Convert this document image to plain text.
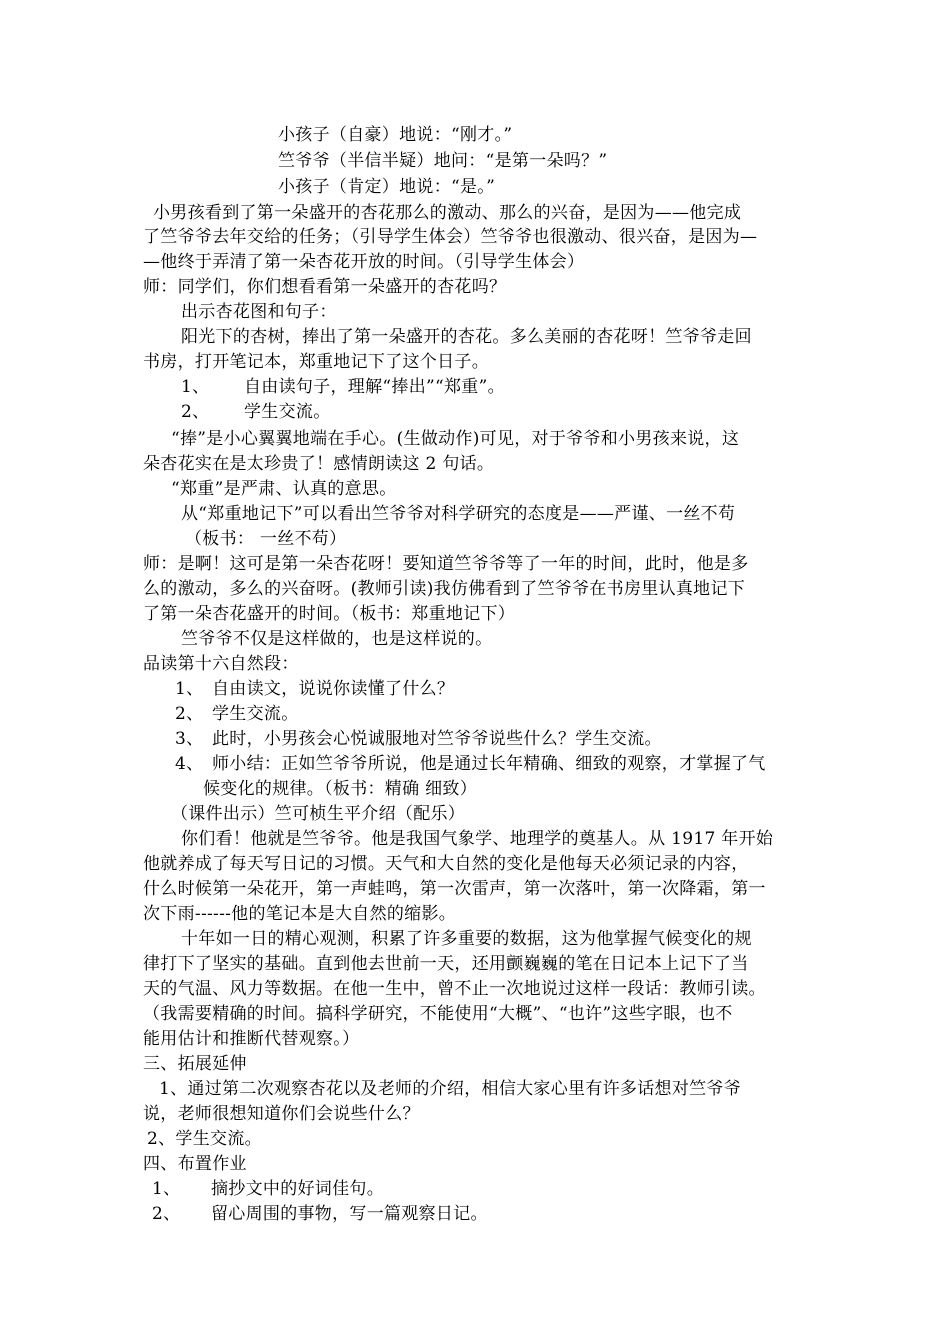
小孩子（自豪）地说：“刚才。”
竺爷爷（半信半疑）地问：“是第一朵吗？”
小孩子（肯定）地说：“是。”
小男孩看到了第一朵盛开的杏花那么的激动、那么的兴奋，是因为——他完成
了竺爷爷去年交给的任务；（引导学生体会）竺爷爷也很激动、很兴奋，是因为—
—他终于弄清了第一朵杏花开放的时间。（引导学生体会）
师：同学们，你们想看看第一朵盛开的杏花吗？
出示杏花图和句子：
阳光下的杏树，捧出了第一朵盛开的杏花。多么美丽的杏花呀！竺爷爷走回
书房，打开笔记本，郑重地记下了这个日子。
1、 自由读句子，理解“捧出”“郑重”。
2、 学生交流。
“捧”是小心翼翼地端在手心。(生做动作)可见，对于爷爷和小男孩来说，这
朵杏花实在是太珍贵了！感情朗读这 2 句话。
“郑重”是严肃、认真的意思。
从“郑重地记下”可以看出竺爷爷对科学研究的态度是——严谨、一丝不苟
（板书： 一丝不苟）
师：是啊！这可是第一朵杏花呀！要知道竺爷爷等了一年的时间，此时，他是多
么的激动，多么的兴奋呀。(教师引读)我仿佛看到了竺爷爷在书房里认真地记下
了第一朵杏花盛开的时间。（板书：郑重地记下）
竺爷爷不仅是这样做的，也是这样说的。
品读第十六自然段：
1、 自由读文，说说你读懂了什么？
2、 学生交流。
3、 此时，小男孩会心悦诚服地对竺爷爷说些什么？学生交流。
4、 师小结：正如竺爷爷所说，他是通过长年精确、细致的观察，才掌握了气
候变化的规律。（板书：精确 细致）
（课件出示）竺可桢生平介绍（配乐）
你们看！他就是竺爷爷。他是我国气象学、地理学的奠基人。从 1917 年开始
他就养成了每天写日记的习惯。天气和大自然的变化是他每天必须记录的内容，
什么时候第一朵花开，第一声蛙鸣，第一次雷声，第一次落叶，第一次降霜，第一
次下雨------他的笔记本是大自然的缩影。
十年如一日的精心观测，积累了许多重要的数据，这为他掌握气候变化的规
律打下了坚实的基础。直到他去世前一天，还用颤巍巍的笔在日记本上记下了当
天的气温、风力等数据。在他一生中，曾不止一次地说过这样一段话：教师引读。
（我需要精确的时间。搞科学研究，不能使用“大概”、“也许”这些字眼，也不
能用估计和推断代替观察。）
三、拓展延伸
1、通过第二次观察杏花以及老师的介绍，相信大家心里有许多话想对竺爷爷
说，老师很想知道你们会说些什么？
2、学生交流。
四、布置作业
1、 摘抄文中的好词佳句。
2、 留心周围的事物，写一篇观察日记。
